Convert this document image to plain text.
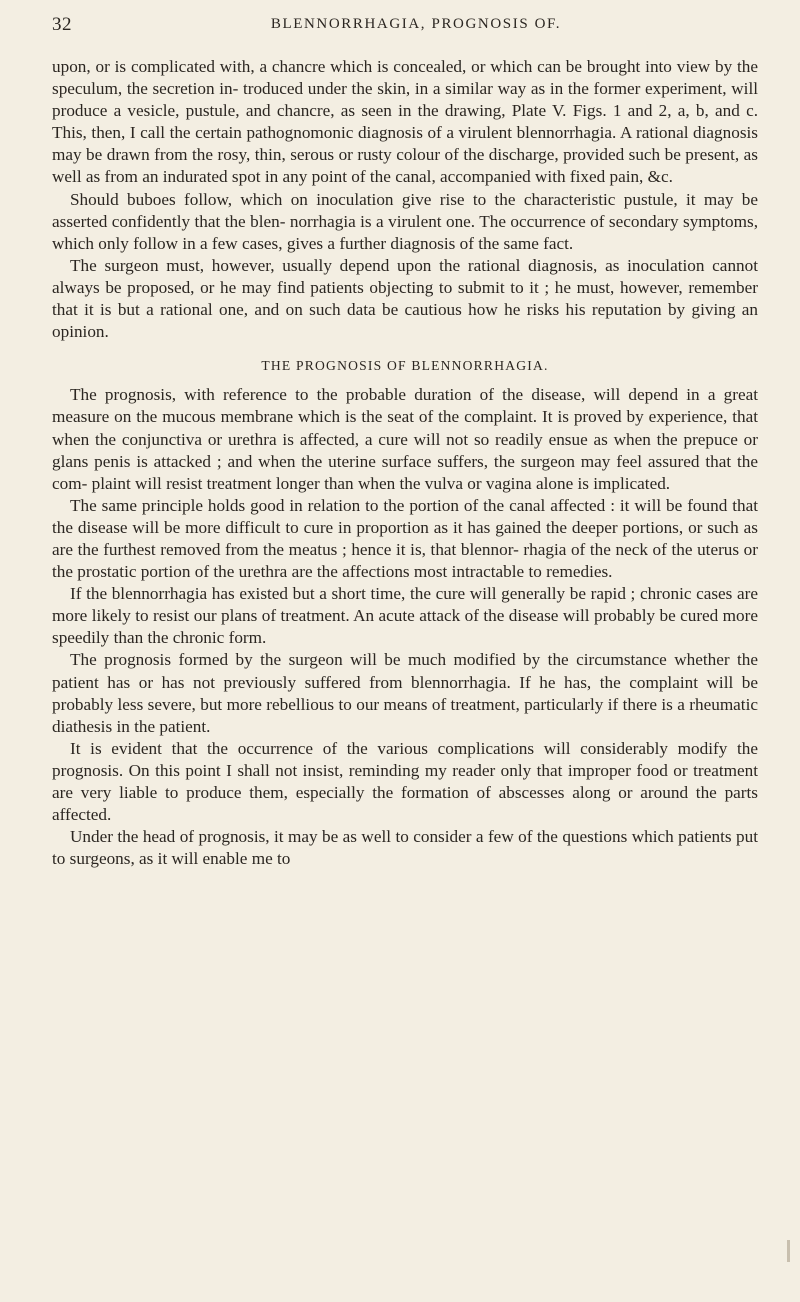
32	BLENNORRHAGIA, PROGNOSIS OF.

upon, or is complicated with, a chancre which is concealed, or which can be brought into view by the speculum, the secretion in- troduced under the skin, in a similar way as in the former experiment, will produce a vesicle, pustule, and chancre, as seen in the drawing, Plate V. Figs. 1 and 2, a, b, and c. This, then, I call the certain pathognomonic diagnosis of a virulent blennorrhagia. A rational diagnosis may be drawn from the rosy, thin, serous or rusty colour of the discharge, provided such be present, as well as from an indurated spot in any point of the canal, accompanied with fixed pain, &c.

Should buboes follow, which on inoculation give rise to the characteristic pustule, it may be asserted confidently that the blen- norrhagia is a virulent one. The occurrence of secondary symptoms, which only follow in a few cases, gives a further diagnosis of the same fact.

The surgeon must, however, usually depend upon the rational diagnosis, as inoculation cannot always be proposed, or he may find patients objecting to submit to it ; he must, however, remember that it is but a rational one, and on such data be cautious how he risks his reputation by giving an opinion.

THE PROGNOSIS OF BLENNORRHAGIA.

The prognosis, with reference to the probable duration of the disease, will depend in a great measure on the mucous membrane which is the seat of the complaint. It is proved by experience, that when the conjunctiva or urethra is affected, a cure will not so readily ensue as when the prepuce or glans penis is attacked ; and when the uterine surface suffers, the surgeon may feel assured that the com- plaint will resist treatment longer than when the vulva or vagina alone is implicated.

The same principle holds good in relation to the portion of the canal affected : it will be found that the disease will be more difficult to cure in proportion as it has gained the deeper portions, or such as are the furthest removed from the meatus ; hence it is, that blennor- rhagia of the neck of the uterus or the prostatic portion of the urethra are the affections most intractable to remedies.

If the blennorrhagia has existed but a short time, the cure will generally be rapid ; chronic cases are more likely to resist our plans of treatment. An acute attack of the disease will probably be cured more speedily than the chronic form.

The prognosis formed by the surgeon will be much modified by the circumstance whether the patient has or has not previously suffered from blennorrhagia. If he has, the complaint will be probably less severe, but more rebellious to our means of treatment, particularly if there is a rheumatic diathesis in the patient.

It is evident that the occurrence of the various complications will considerably modify the prognosis. On this point I shall not insist, reminding my reader only that improper food or treatment are very liable to produce them, especially the formation of abscesses along or around the parts affected.

Under the head of prognosis, it may be as well to consider a few of the questions which patients put to surgeons, as it will enable me to
